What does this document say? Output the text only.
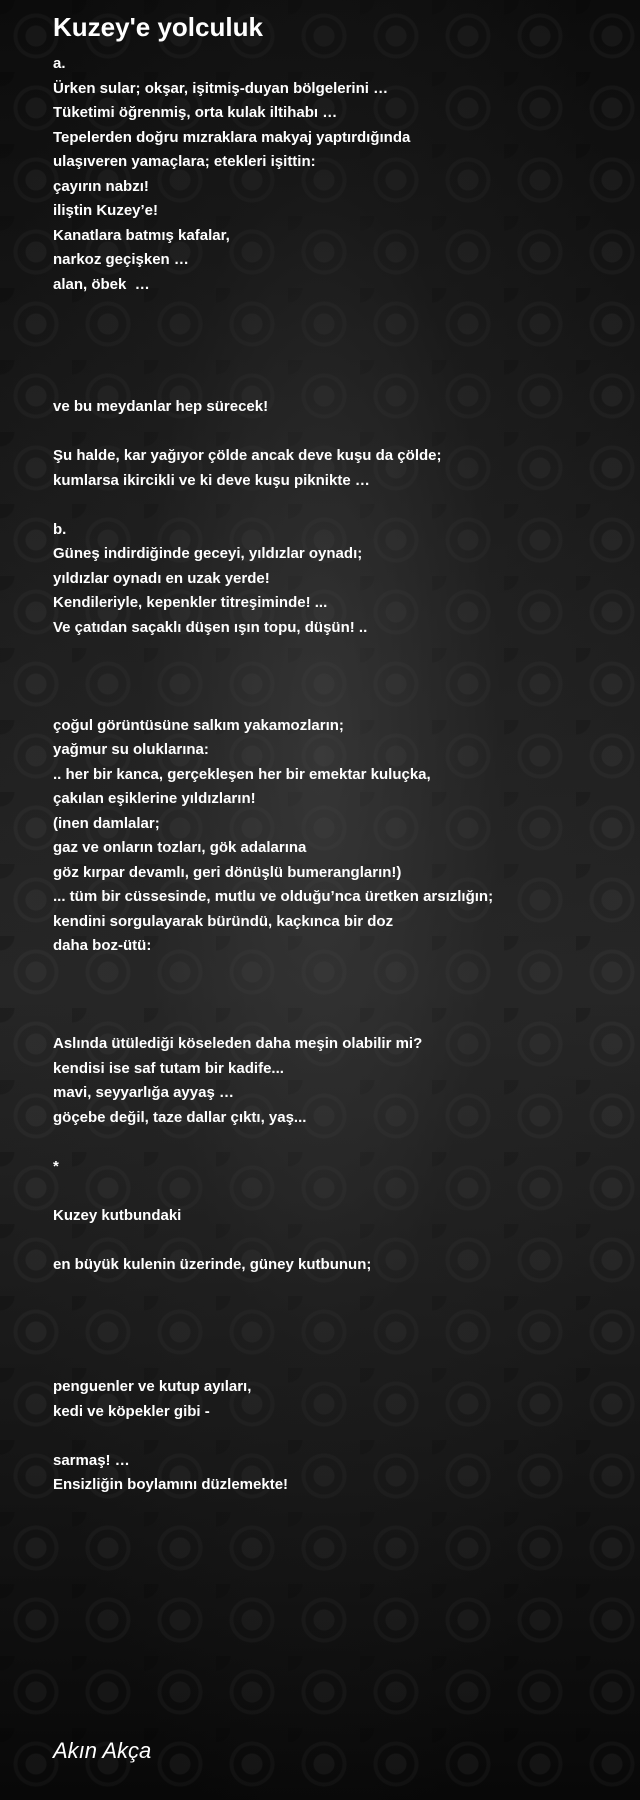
Kuzey'e yolculuk
a.
Ürken sular; okşar, işitmiş-duyan bölgelerini …
Tüketimi öğrenmiş, orta kulak iltihabı …
Tepelerden doğru mızraklara makyaj yaptırdığında
ulaşıveren yamaçlara; etekleri işittin:
çayırın nabzı!
iliştin Kuzey’e!
Kanatlara batmış kafalar,
narkoz geçişken …
alan, öbek  …
ve bu meydanlar hep sürecek!
Şu halde, kar yağıyor çölde ancak deve kuşu da çölde;
kumlarsa ikircikli ve ki deve kuşu piknikte …
b.
Güneş indirdiğinde geceyi, yıldızlar oynadı;
yıldızlar oynadı en uzak yerde!
Kendileriyle, kepenkler titreşiminde! ...
Ve çatıdan saçaklı düşen ışın topu, düşün! ..
çoğul görüntüsüne salkım yakamozların;
yağmur su oluklarına:
.. her bir kanca, gerçekleşen her bir emektar kuluçka,
çakılan eşiklerine yıldızların!
(inen damlalar;
gaz ve onların tozları, gök adalarına
göz kırpar devamlı, geri dönüşlü bumerangların!)
... tüm bir cüssesinde, mutlu ve olduğu’nca üretken arsızlığın;
kendini sorgulayarak büründü, kaçkınca bir doz
daha boz-ütü:
Aslında ütülediği köseleden daha meşin olabilir mi?
kendisi ise saf tutam bir kadife...
mavi, seyyarlığa ayyaş …
göçebe değil, taze dallar çıktı, yaş...
*
Kuzey kutbundaki
en büyük kulenin üzerinde, güney kutbunun;
penguenler ve kutup ayıları,
kedi ve köpekler gibi -
sarmaş! …
Ensizliğin boylamını düzlemekte!
Akın Akça
